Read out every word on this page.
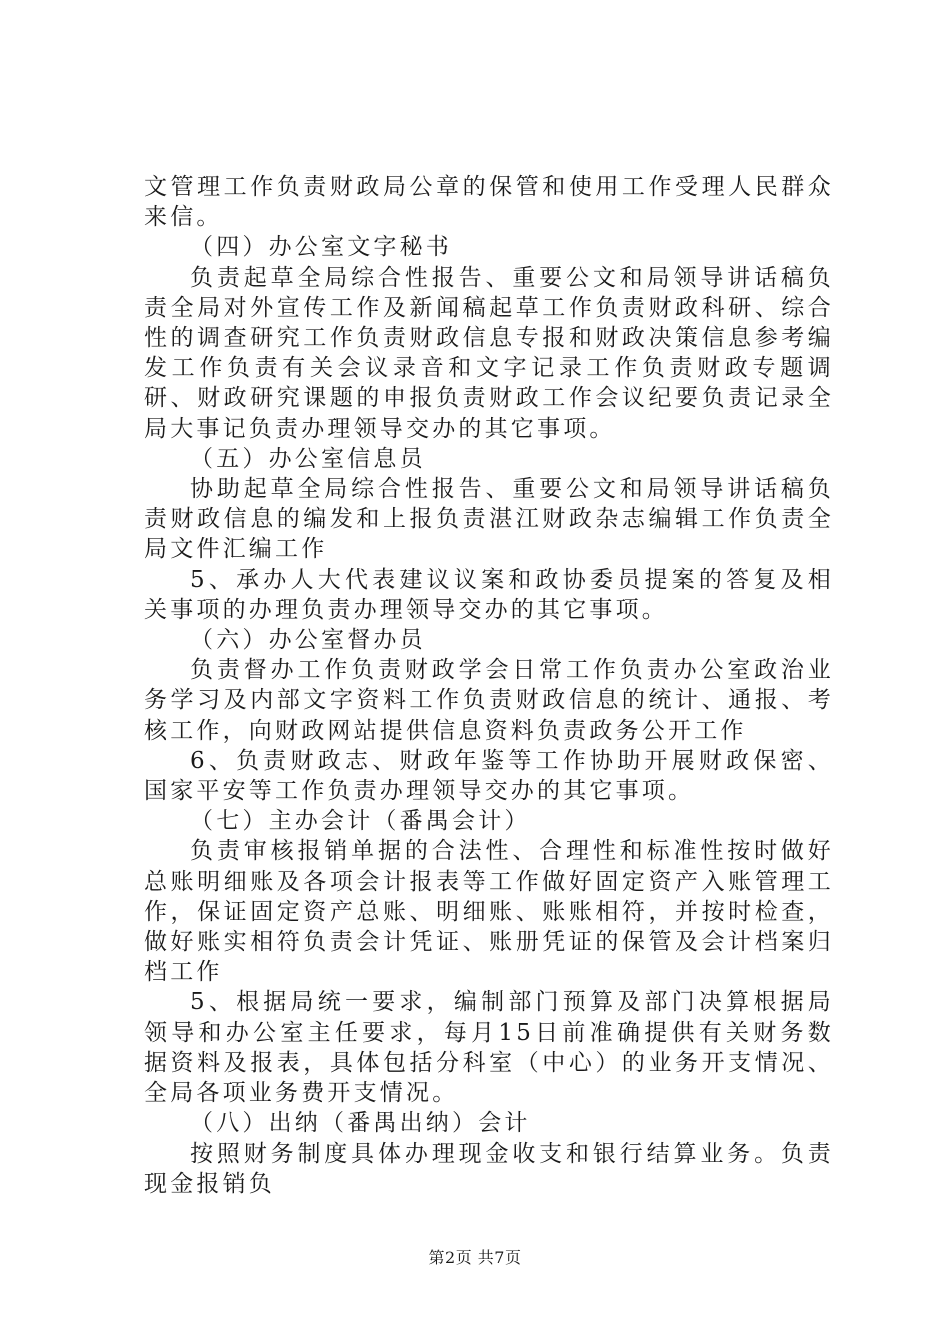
文管理工作负责财政局公章的保管和使用工作受理人民群众来信。

（四）办公室文字秘书

负责起草全局综合性报告、重要公文和局领导讲话稿负责全局对外宣传工作及新闻稿起草工作负责财政科研、综合性的调查研究工作负责财政信息专报和财政决策信息参考编发工作负责有关会议录音和文字记录工作负责财政专题调研、财政研究课题的申报负责财政工作会议纪要负责记录全局大事记负责办理领导交办的其它事项。

（五）办公室信息员

协助起草全局综合性报告、重要公文和局领导讲话稿负责财政信息的编发和上报负责湛江财政杂志编辑工作负责全局文件汇编工作

5、承办人大代表建议议案和政协委员提案的答复及相关事项的办理负责办理领导交办的其它事项。

（六）办公室督办员

负责督办工作负责财政学会日常工作负责办公室政治业务学习及内部文字资料工作负责财政信息的统计、通报、考核工作，向财政网站提供信息资料负责政务公开工作

6、负责财政志、财政年鉴等工作协助开展财政保密、国家平安等工作负责办理领导交办的其它事项。

（七）主办会计（番禺会计）

负责审核报销单据的合法性、合理性和标准性按时做好总账明细账及各项会计报表等工作做好固定资产入账管理工作，保证固定资产总账、明细账、账账相符，并按时检查，做好账实相符负责会计凭证、账册凭证的保管及会计档案归档工作

5、根据局统一要求，编制部门预算及部门决算根据局领导和办公室主任要求，每月15日前准确提供有关财务数据资料及报表，具体包括分科室（中心）的业务开支情况、全局各项业务费开支情况。

（八）出纳（番禺出纳）会计

按照财务制度具体办理现金收支和银行结算业务。负责现金报销负

第2页 共7页
